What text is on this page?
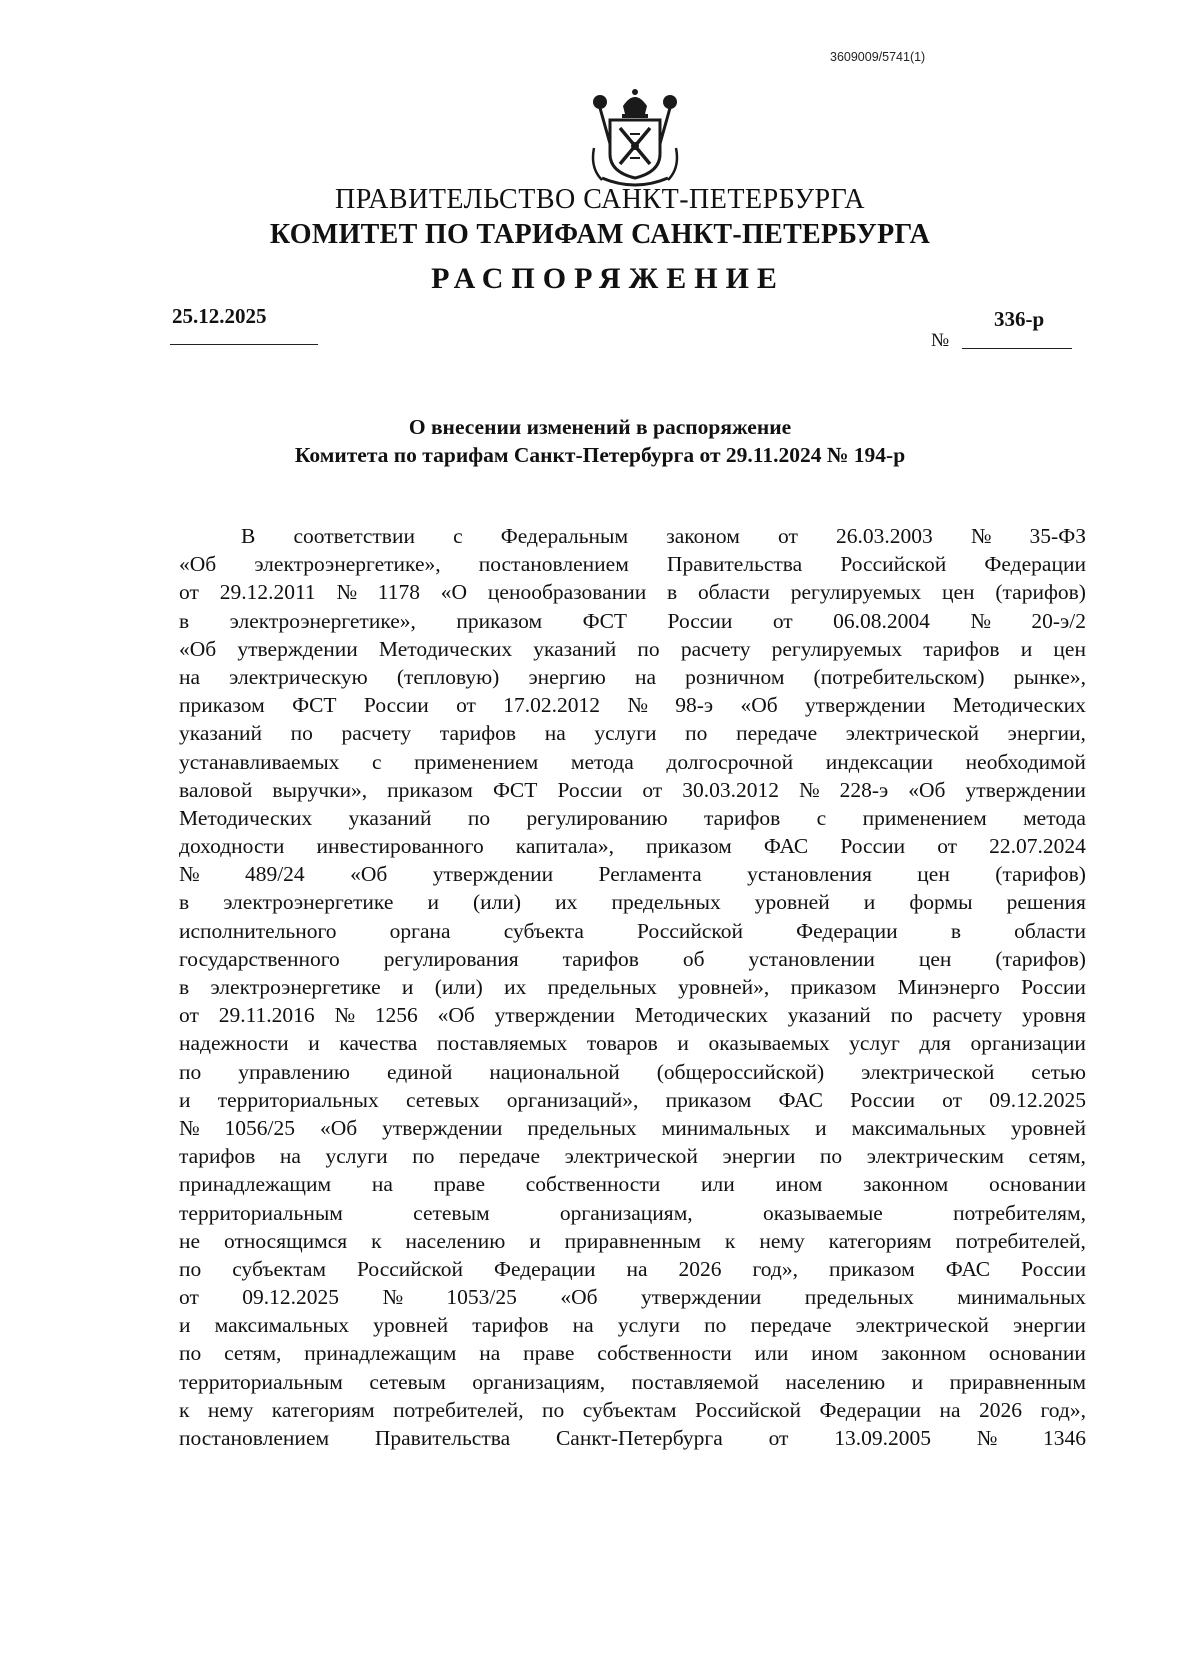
3609009/5741(1)
ПРАВИТЕЛЬСТВО САНКТ-ПЕТЕРБУРГА
КОМИТЕТ ПО ТАРИФАМ САНКТ-ПЕТЕРБУРГА
РАСПОРЯЖЕНИЕ
25.12.2025
№
336-р
О внесении изменений в распоряжение
Комитета по тарифам Санкт-Петербурга от 29.11.2024 № 194-р
В соответствии с Федеральным законом от 26.03.2003 № 35-ФЗ
«Об электроэнергетике», постановлением Правительства Российской Федерации
от 29.12.2011 № 1178 «О ценообразовании в области регулируемых цен (тарифов)
в электроэнергетике», приказом ФСТ России от 06.08.2004 № 20-э/2
«Об утверждении Методических указаний по расчету регулируемых тарифов и цен
на электрическую (тепловую) энергию на розничном (потребительском) рынке»,
приказом ФСТ России от 17.02.2012 № 98-э «Об утверждении Методических
указаний по расчету тарифов на услуги по передаче электрической энергии,
устанавливаемых с применением метода долгосрочной индексации необходимой
валовой выручки», приказом ФСТ России от 30.03.2012 № 228-э «Об утверждении
Методических указаний по регулированию тарифов с применением метода
доходности инвестированного капитала», приказом ФАС России от 22.07.2024
№ 489/24 «Об утверждении Регламента установления цен (тарифов)
в электроэнергетике и (или) их предельных уровней и формы решения
исполнительного органа субъекта Российской Федерации в области
государственного регулирования тарифов об установлении цен (тарифов)
в электроэнергетике и (или) их предельных уровней», приказом Минэнерго России
от 29.11.2016 № 1256 «Об утверждении Методических указаний по расчету уровня
надежности и качества поставляемых товаров и оказываемых услуг для организации
по управлению единой национальной (общероссийской) электрической сетью
и территориальных сетевых организаций», приказом ФАС России от 09.12.2025
№ 1056/25 «Об утверждении предельных минимальных и максимальных уровней
тарифов на услуги по передаче электрической энергии по электрическим сетям,
принадлежащим на праве собственности или ином законном основании
территориальным	сетевым	организациям,	оказываемые	потребителям,
не относящимся к населению и приравненным к нему категориям потребителей,
по субъектам Российской Федерации на 2026 год», приказом ФАС России
от 09.12.2025 № 1053/25 «Об утверждении предельных минимальных
и максимальных уровней тарифов на услуги по передаче электрической энергии
по сетям, принадлежащим на праве собственности или ином законном основании
территориальным сетевым организациям, поставляемой населению и приравненным
к нему категориям потребителей, по субъектам Российской Федерации на 2026 год»,
постановлением Правительства Санкт-Петербурга от 13.09.2005 № 1346
